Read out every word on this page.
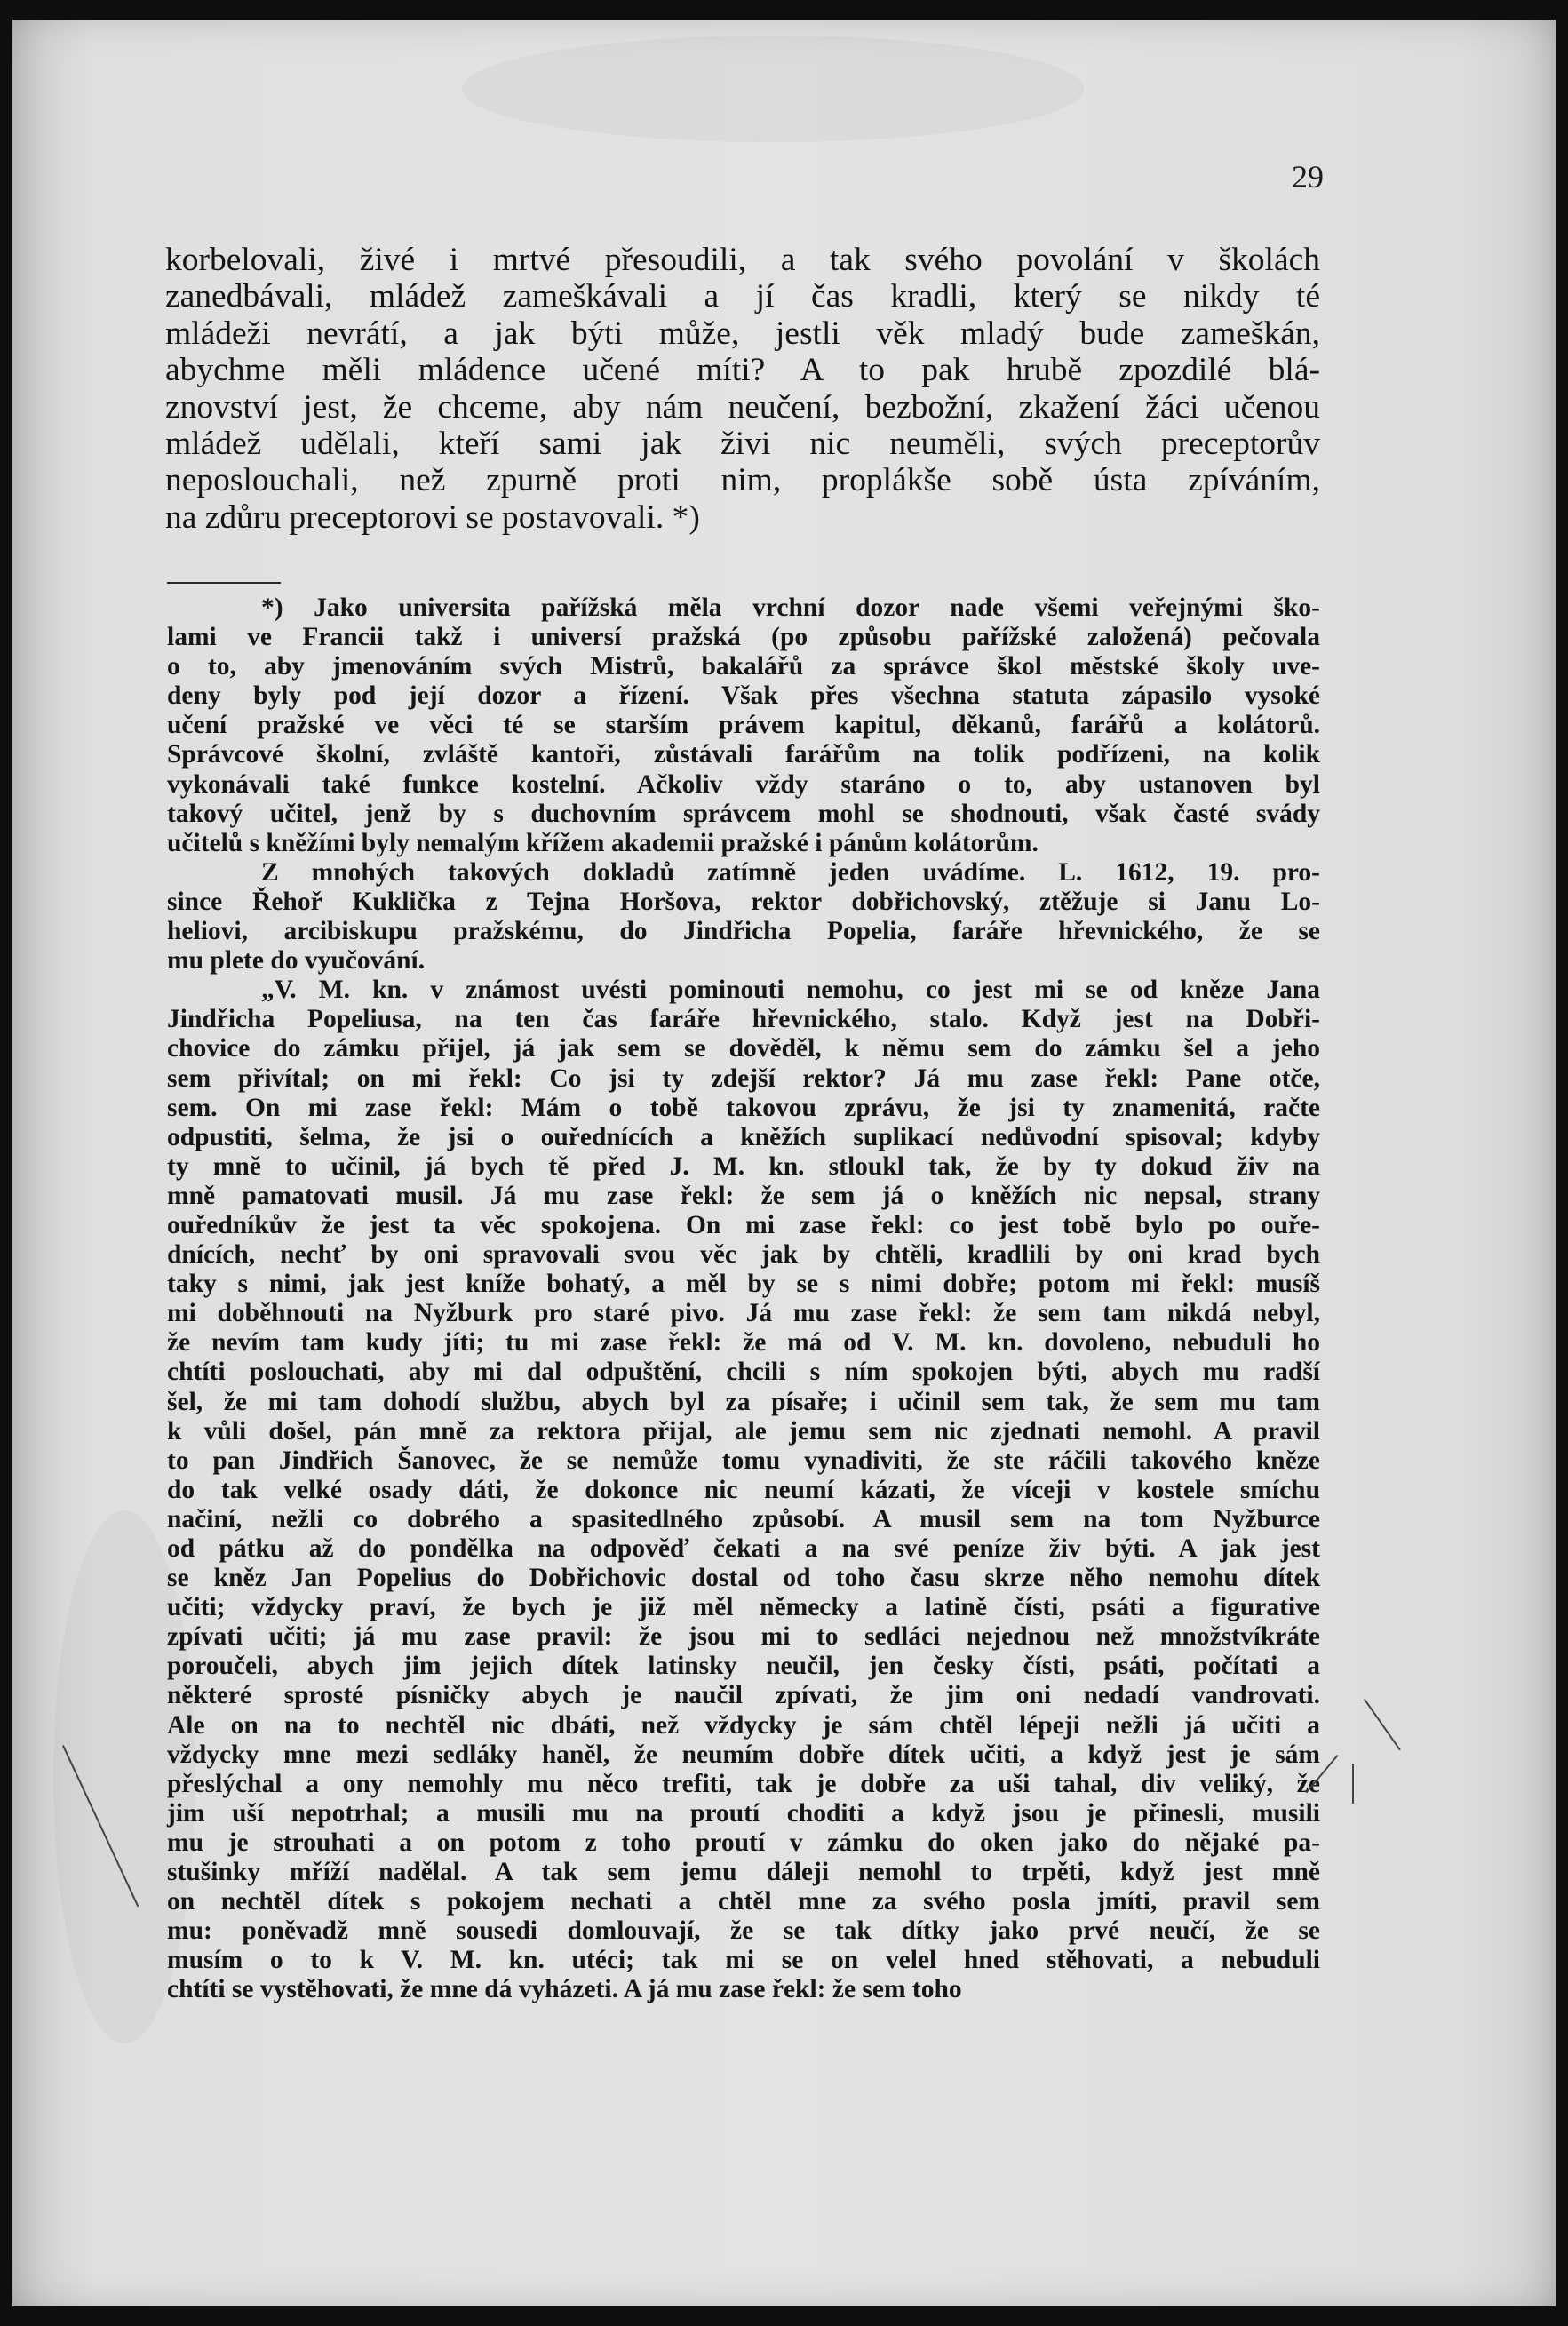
29
korbelovali, živé i mrtvé přesoudili, a tak svého povolání v školách
zanedbávali, mládež zameškávali a jí čas kradli, který se nikdy té
mládeži nevrátí, a jak býti může, jestli věk mladý bude zameškán,
abychme měli mládence učené míti? A to pak hrubě zpozdilé blá-
znovství jest, že chceme, aby nám neučení, bezbožní, zkažení žáci učenou
mládež udělali, kteří sami jak živi nic neuměli, svých preceptorův
neposlouchali, než zpurně proti nim, proplákše sobě ústa zpíváním,
na zdůru preceptorovi se postavovali. *)
*) Jako universita pařížská měla vrchní dozor nade všemi veřejnými ško-
lami ve Francii takž i universí pražská (po způsobu pařížské založená) pečovala
o to, aby jmenováním svých Mistrů, bakalářů za správce škol městské školy uve-
deny byly pod její dozor a řízení. Však přes všechna statuta zápasilo vysoké
učení pražské ve věci té se starším právem kapitul, děkanů, farářů a kolátorů.
Správcové školní, zvláště kantoři, zůstávali farářům na tolik podřízeni, na kolik
vykonávali také funkce kostelní. Ačkoliv vždy staráno o to, aby ustanoven byl
takový učitel, jenž by s duchovním správcem mohl se shodnouti, však časté svády
učitelů s kněžími byly nemalým křížem akademii pražské i pánům kolátorům.
Z mnohých takových dokladů zatímně jeden uvádíme. L. 1612, 19. pro-
since Řehoř Kuklička z Tejna Horšova, rektor dobřichovský, ztěžuje si Janu Lo-
heliovi, arcibiskupu pražskému, do Jindřicha Popelia, faráře hřevnického, že se
mu plete do vyučování.
„V. M. kn. v známost uvésti pominouti nemohu, co jest mi se od kněze Jana
Jindřicha Popeliusa, na ten čas faráře hřevnického, stalo. Když jest na Dobři-
chovice do zámku přijel, já jak sem se dověděl, k němu sem do zámku šel a jeho
sem přivítal; on mi řekl: Co jsi ty zdejší rektor? Já mu zase řekl: Pane otče,
sem. On mi zase řekl: Mám o tobě takovou zprávu, že jsi ty znamenitá, račte
odpustiti, šelma, že jsi o ouřednících a kněžích suplikací nedůvodní spisoval; kdyby
ty mně to učinil, já bych tě před J. M. kn. stloukl tak, že by ty dokud živ na
mně pamatovati musil. Já mu zase řekl: že sem já o kněžích nic nepsal, strany
ouředníkův že jest ta věc spokojena. On mi zase řekl: co jest tobě bylo po ouře-
dnících, nechť by oni spravovali svou věc jak by chtěli, kradlili by oni krad bych
taky s nimi, jak jest kníže bohatý, a měl by se s nimi dobře; potom mi řekl: musíš
mi doběhnouti na Nyžburk pro staré pivo. Já mu zase řekl: že sem tam nikdá nebyl,
že nevím tam kudy jíti; tu mi zase řekl: že má od V. M. kn. dovoleno, nebuduli ho
chtíti poslouchati, aby mi dal odpuštění, chcili s ním spokojen býti, abych mu radší
šel, že mi tam dohodí službu, abych byl za písaře; i učinil sem tak, že sem mu tam
k vůli došel, pán mně za rektora přijal, ale jemu sem nic zjednati nemohl. A pravil
to pan Jindřich Šanovec, že se nemůže tomu vynadiviti, že ste ráčili takového kněze
do tak velké osady dáti, že dokonce nic neumí kázati, že víceji v kostele smíchu
načiní, nežli co dobrého a spasitedlného způsobí. A musil sem na tom Nyžburce
od pátku až do pondělka na odpověď čekati a na své peníze živ býti. A jak jest
se kněz Jan Popelius do Dobřichovic dostal od toho času skrze něho nemohu dítek
učiti; vždycky praví, že bych je již měl německy a latině čísti, psáti a figurative
zpívati učiti; já mu zase pravil: že jsou mi to sedláci nejednou než množstvíkráte
poroučeli, abych jim jejich dítek latinsky neučil, jen česky čísti, psáti, počítati a
některé sprosté písničky abych je naučil zpívati, že jim oni nedadí vandrovati.
Ale on na to nechtěl nic dbáti, než vždycky je sám chtěl lépeji nežli já učiti a
vždycky mne mezi sedláky haněl, že neumím dobře dítek učiti, a když jest je sám
přeslýchal a ony nemohly mu něco trefiti, tak je dobře za uši tahal, div veliký, že
jim uší nepotrhal; a musili mu na proutí choditi a když jsou je přinesli, musili
mu je strouhati a on potom z toho proutí v zámku do oken jako do nějaké pa-
stušinky mříží nadělal. A tak sem jemu dáleji nemohl to trpěti, když jest mně
on nechtěl dítek s pokojem nechati a chtěl mne za svého posla jmíti, pravil sem
mu: poněvadž mně sousedi domlouvají, že se tak dítky jako prvé neučí, že se
musím o to k V. M. kn. utéci; tak mi se on velel hned stěhovati, a nebuduli
chtíti se vystěhovati, že mne dá vyházeti. A já mu zase řekl: že sem toho
